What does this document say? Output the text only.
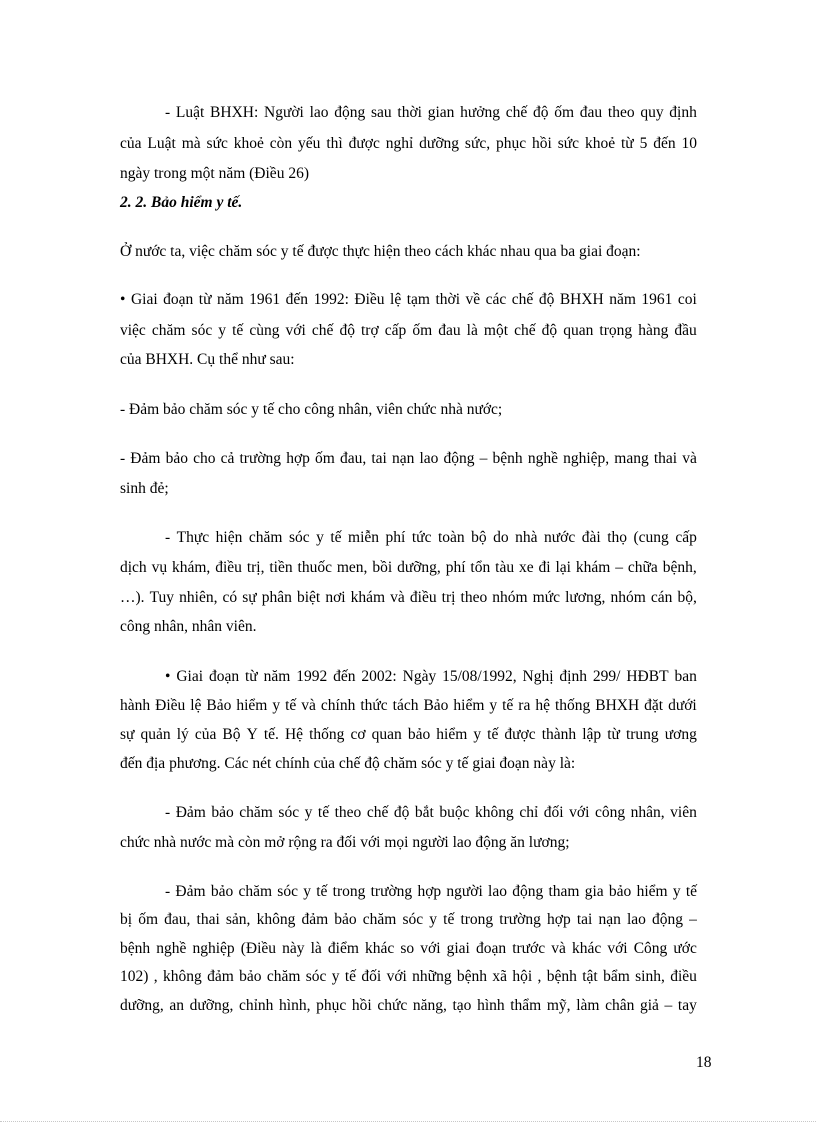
- Luật BHXH: Người lao động sau thời gian hưởng chế độ ốm đau theo quy định
của Luật mà sức khoẻ còn yếu thì được nghỉ dưỡng sức, phục hồi sức khoẻ từ 5 đến 10
ngày trong một năm (Điều 26)
2. 2. Bảo hiểm y tế.
Ở nước ta, việc chăm sóc y tế được thực hiện theo cách khác nhau qua ba giai đoạn:
• Giai đoạn từ năm 1961 đến 1992: Điều lệ tạm thời về các chế độ BHXH năm 1961 coi
việc chăm sóc y tế cùng với chế độ trợ cấp ốm đau là một chế độ quan trọng hàng đầu
của BHXH. Cụ thể như sau:
- Đảm bảo chăm sóc y tế cho công nhân, viên chức nhà nước;
- Đảm bảo cho cả trường hợp ốm đau, tai nạn lao động – bệnh nghề nghiệp, mang thai và
sinh đẻ;
- Thực hiện chăm sóc y tế miễn phí tức toàn bộ do nhà nước đài thọ (cung cấp
dịch vụ khám, điều trị, tiền thuốc men, bồi dưỡng, phí tổn tàu xe đi lại khám – chữa bệnh,
…). Tuy nhiên, có sự phân biệt nơi khám và điều trị theo nhóm mức lương, nhóm cán bộ,
công nhân, nhân viên.
• Giai đoạn từ năm 1992 đến 2002: Ngày 15/08/1992, Nghị định 299/ HĐBT ban
hành Điều lệ Bảo hiểm y tế và chính thức tách Bảo hiểm y tế ra hệ thống BHXH đặt dưới
sự quản lý của Bộ Y tế. Hệ thống cơ quan bảo hiểm y tế được thành lập từ trung ương
đến địa phương. Các nét chính của chế độ chăm sóc y tế giai đoạn này là:
- Đảm bảo chăm sóc y tế theo chế độ bắt buộc không chỉ đối với công nhân, viên
chức nhà nước mà còn mở rộng ra đối với mọi người lao động ăn lương;
- Đảm bảo chăm sóc y tế trong trường hợp người lao động tham gia bảo hiểm y tế
bị ốm đau, thai sản, không đảm bảo chăm sóc y tế trong trường hợp tai nạn lao động –
bệnh nghề nghiệp (Điều này là điểm khác so với giai đoạn trước và khác với Công ước
102) , không đảm bảo chăm sóc y tế đối với những bệnh xã hội , bệnh tật bẩm sinh, điều
dưỡng, an dưỡng, chỉnh hình, phục hồi chức năng, tạo hình thẩm mỹ, làm chân giả – tay
18
